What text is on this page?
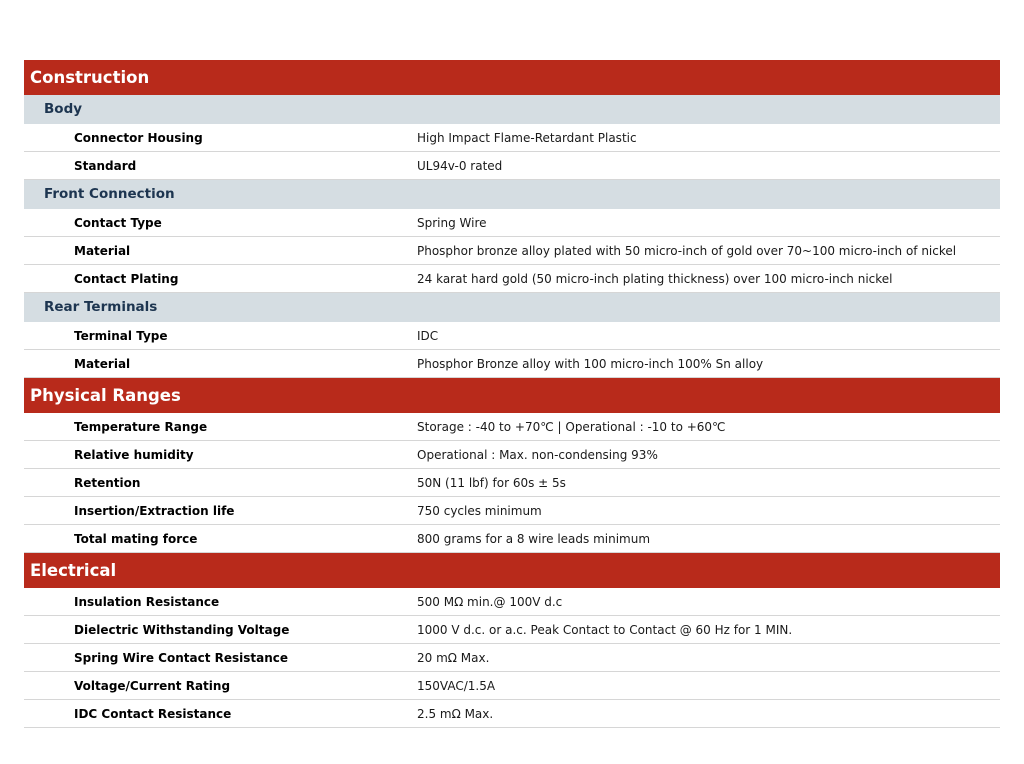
Construction
Body
Connector Housing	High Impact Flame-Retardant Plastic
Standard	UL94v-0 rated
Front Connection
Contact Type	Spring Wire
Material	Phosphor bronze alloy plated with 50 micro-inch of gold over 70~100 micro-inch of nickel
Contact Plating	24 karat hard gold (50 micro-inch plating thickness) over 100 micro-inch nickel
Rear Terminals
Terminal Type	IDC
Material	Phosphor Bronze alloy with 100 micro-inch 100% Sn alloy
Physical Ranges
Temperature Range	Storage : -40 to +70℃ | Operational : -10 to +60℃
Relative humidity	Operational : Max. non-condensing 93%
Retention	50N (11 lbf) for 60s ± 5s
Insertion/Extraction life	750 cycles minimum
Total mating force	800 grams for a 8 wire leads minimum
Electrical
Insulation Resistance	500 MΩ min.@ 100V d.c
Dielectric Withstanding Voltage	1000 V d.c. or a.c. Peak Contact to Contact @ 60 Hz for 1 MIN.
Spring Wire Contact Resistance	20 mΩ Max.
Voltage/Current Rating	150VAC/1.5A
IDC Contact Resistance	2.5 mΩ Max.
